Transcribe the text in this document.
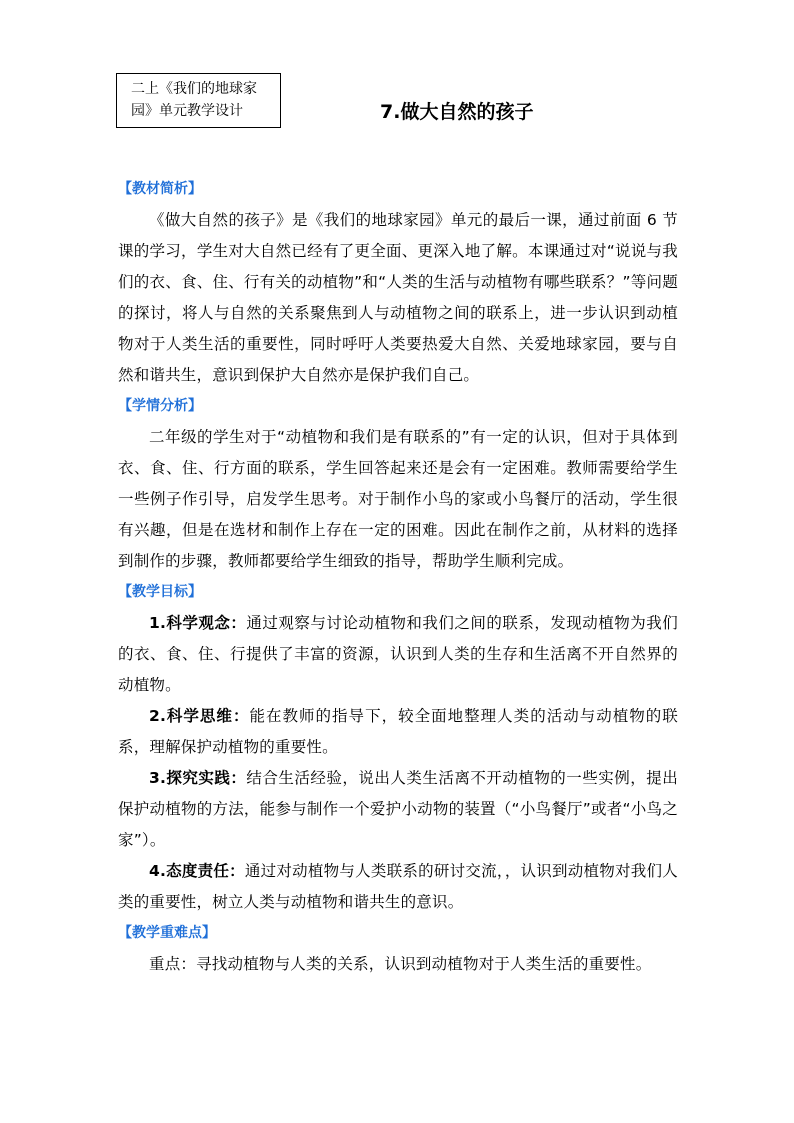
二上《我们的地球家
园》单元教学设计	7.做大自然的孩子
【教材简析】

《做大自然的孩子》是《我们的地球家园》单元的最后一课，通过前面 6 节课的学习，学生对大自然已经有了更全面、更深入地了解。本课通过对“说说与我们的衣、食、住、行有关的动植物”和“人类的生活与动植物有哪些联系？”等问题的探讨，将人与自然的关系聚焦到人与动植物之间的联系上，进一步认识到动植物对于人类生活的重要性，同时呼吁人类要热爱大自然、关爱地球家园，要与自然和谐共生，意识到保护大自然亦是保护我们自己。

【学情分析】

二年级的学生对于“动植物和我们是有联系的”有一定的认识，但对于具体到衣、食、住、行方面的联系，学生回答起来还是会有一定困难。教师需要给学生一些例子作引导，启发学生思考。对于制作小鸟的家或小鸟餐厅的活动，学生很有兴趣，但是在选材和制作上存在一定的困难。因此在制作之前，从材料的选择到制作的步骤，教师都要给学生细致的指导，帮助学生顺利完成。

【教学目标】

1.科学观念：通过观察与讨论动植物和我们之间的联系，发现动植物为我们的衣、食、住、行提供了丰富的资源，认识到人类的生存和生活离不开自然界的动植物。

2.科学思维：能在教师的指导下，较全面地整理人类的活动与动植物的联系，理解保护动植物的重要性。

3.探究实践：结合生活经验，说出人类生活离不开动植物的一些实例，提出保护动植物的方法，能参与制作一个爱护小动物的装置（“小鸟餐厅”或者“小鸟之家”）。

4.态度责任：通过对动植物与人类联系的研讨交流，，认识到动植物对我们人类的重要性，树立人类与动植物和谐共生的意识。

【教学重难点】

重点：寻找动植物与人类的关系，认识到动植物对于人类生活的重要性。
